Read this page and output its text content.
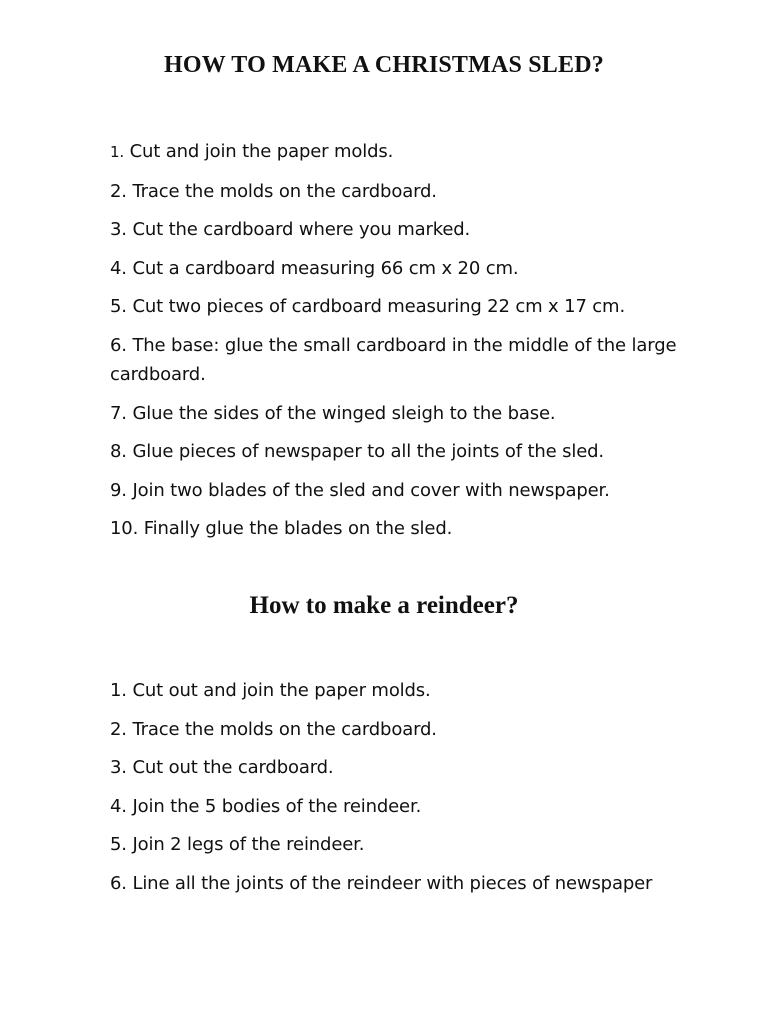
HOW TO MAKE A CHRISTMAS SLED?
1. Cut and join the paper molds.
2. Trace the molds on the cardboard.
3. Cut the cardboard where you marked.
4. Cut a cardboard measuring 66 cm x 20 cm.
5. Cut two pieces of cardboard measuring 22 cm x 17 cm.
6. The base: glue the small cardboard in the middle of the large cardboard.
7. Glue the sides of the winged sleigh to the base.
8. Glue pieces of newspaper to all the joints of the sled.
9. Join two blades of the sled and cover with newspaper.
10. Finally glue the blades on the sled.
How to make a reindeer?
1. Cut out and join the paper molds.
2. Trace the molds on the cardboard.
3. Cut out the cardboard.
4. Join the 5 bodies of the reindeer.
5. Join 2 legs of the reindeer.
6. Line all the joints of the reindeer with pieces of newspaper
